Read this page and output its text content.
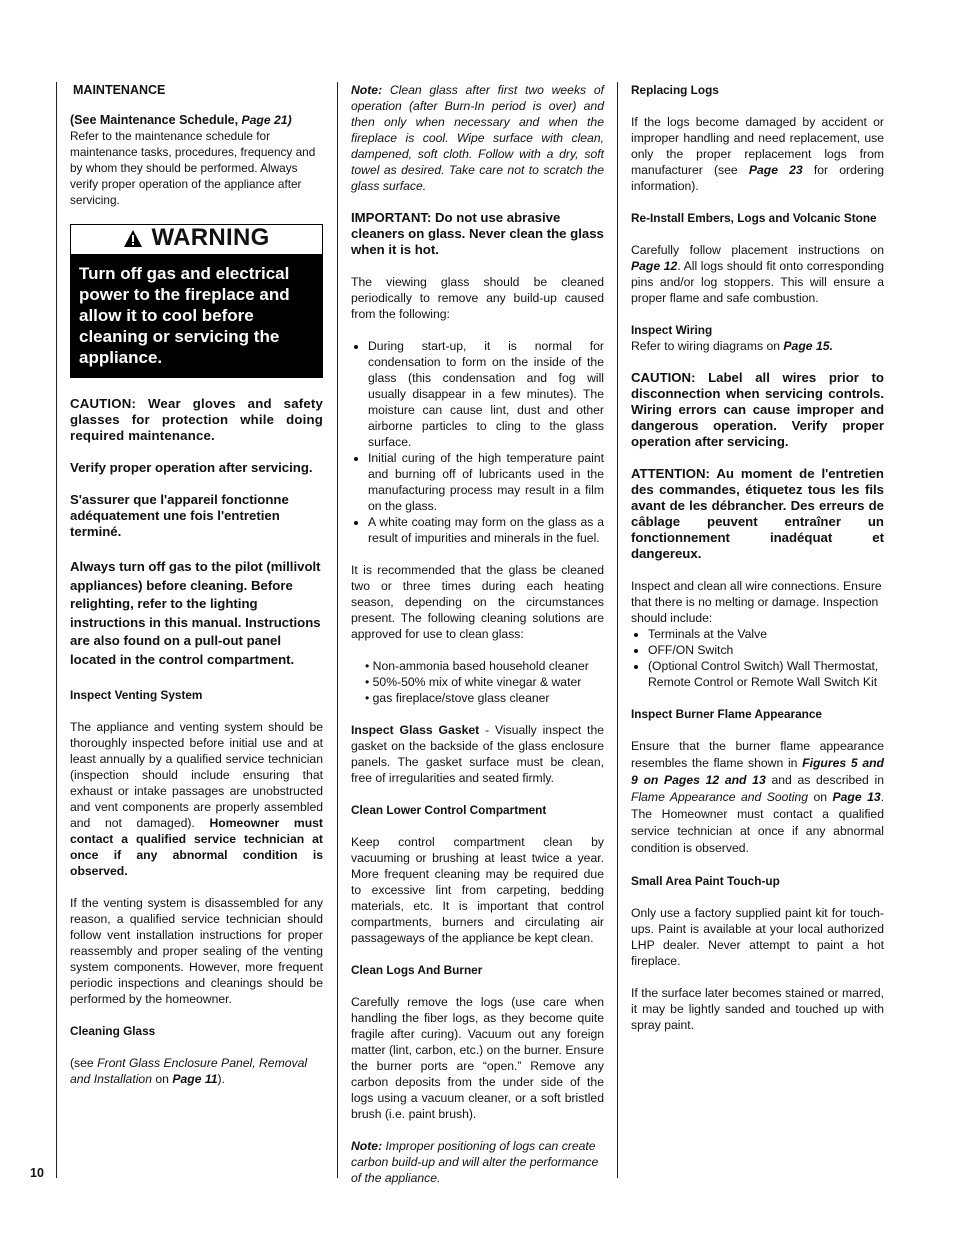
MAINTENANCE

(See Maintenance Schedule, Page 21)
Refer to the maintenance schedule for maintenance tasks, procedures, frequency and by whom they should be performed. Always verify proper operation of the appliance after servicing.

WARNING
Turn off gas and electrical power to the fireplace and allow it to cool before cleaning or servicing the appliance.

CAUTION: Wear gloves and safety glasses for protection while doing required maintenance.

Verify proper operation after servicing.

S'assurer que l'appareil fonctionne adéquatement une fois l'entretien terminé.

Always turn off gas to the pilot (millivolt appliances) before cleaning. Before relighting, refer to the lighting instructions in this manual. Instructions are also found on a pull-out panel located in the control compartment.

Inspect Venting System

The appliance and venting system should be thoroughly inspected before initial use and at least annually by a qualified service technician (inspection should include ensuring that exhaust or intake passages are unobstructed and vent components are properly assembled and not damaged). Homeowner must contact a qualified service technician at once if any abnormal condition is observed.

If the venting system is disassembled for any reason, a qualified service technician should follow vent installation instructions for proper reassembly and proper sealing of the venting system components. However, more frequent periodic inspections and cleanings should be performed by the homeowner.

Cleaning Glass

(see Front Glass Enclosure Panel, Removal and Installation on Page 11).

Note: Clean glass after first two weeks of operation (after Burn-In period is over) and then only when necessary and when the fireplace is cool. Wipe surface with clean, dampened, soft cloth. Follow with a dry, soft towel as desired. Take care not to scratch the glass surface.

IMPORTANT: Do not use abrasive cleaners on glass. Never clean the glass when it is hot.

The viewing glass should be cleaned periodically to remove any build-up caused from the following:

• During start-up, it is normal for condensation to form on the inside of the glass (this condensation and fog will usually disappear in a few minutes). The moisture can cause lint, dust and other airborne particles to cling to the glass surface.
• Initial curing of the high temperature paint and burning off of lubricants used in the manufacturing process may result in a film on the glass.
• A white coating may form on the glass as a result of impurities and minerals in the fuel.

It is recommended that the glass be cleaned two or three times during each heating season, depending on the circumstances present. The following cleaning solutions are approved for use to clean glass:

• Non-ammonia based household cleaner
• 50%-50% mix of white vinegar & water
• gas fireplace/stove glass cleaner

Inspect Glass Gasket - Visually inspect the gasket on the backside of the glass enclosure panels. The gasket surface must be clean, free of irregularities and seated firmly.

Clean Lower Control Compartment

Keep control compartment clean by vacuuming or brushing at least twice a year. More frequent cleaning may be required due to excessive lint from carpeting, bedding materials, etc. It is important that control compartments, burners and circulating air passageways of the appliance be kept clean.

Clean Logs And Burner

Carefully remove the logs (use care when handling the fiber logs, as they become quite fragile after curing). Vacuum out any foreign matter (lint, carbon, etc.) on the burner. Ensure the burner ports are “open.” Remove any carbon deposits from the under side of the logs using a vacuum cleaner, or a soft bristled brush (i.e. paint brush).

Note: Improper positioning of logs can create carbon build-up and will alter the performance of the appliance.

Replacing Logs

If the logs become damaged by accident or improper handling and need replacement, use only the proper replacement logs from manufacturer (see Page 23 for ordering information).

Re-Install Embers, Logs and Volcanic Stone

Carefully follow placement instructions on Page 12. All logs should fit onto corresponding pins and/or log stoppers. This will ensure a proper flame and safe combustion.

Inspect Wiring
Refer to wiring diagrams on Page 15.

CAUTION: Label all wires prior to disconnection when servicing controls. Wiring errors can cause improper and dangerous operation. Verify proper operation after servicing.

ATTENTION: Au moment de l'entretien des commandes, étiquetez tous les fils avant de les débrancher. Des erreurs de câblage peuvent entraîner un fonctionnement inadéquat et dangereux.

Inspect and clean all wire connections. Ensure that there is no melting or damage. Inspection should include:

• Terminals at the Valve
• OFF/ON Switch
• (Optional Control Switch) Wall Thermostat, Remote Control or Remote Wall Switch Kit

Inspect Burner Flame Appearance

Ensure that the burner flame appearance resembles the flame shown in Figures 5 and 9 on Pages 12 and 13 and as described in Flame Appearance and Sooting on Page 13. The Homeowner must contact a qualified service technician at once if any abnormal condition is observed.

Small Area Paint Touch-up

Only use a factory supplied paint kit for touch-ups. Paint is available at your local authorized LHP dealer. Never attempt to paint a hot fireplace.

If the surface later becomes stained or marred, it may be lightly sanded and touched up with spray paint.

10
